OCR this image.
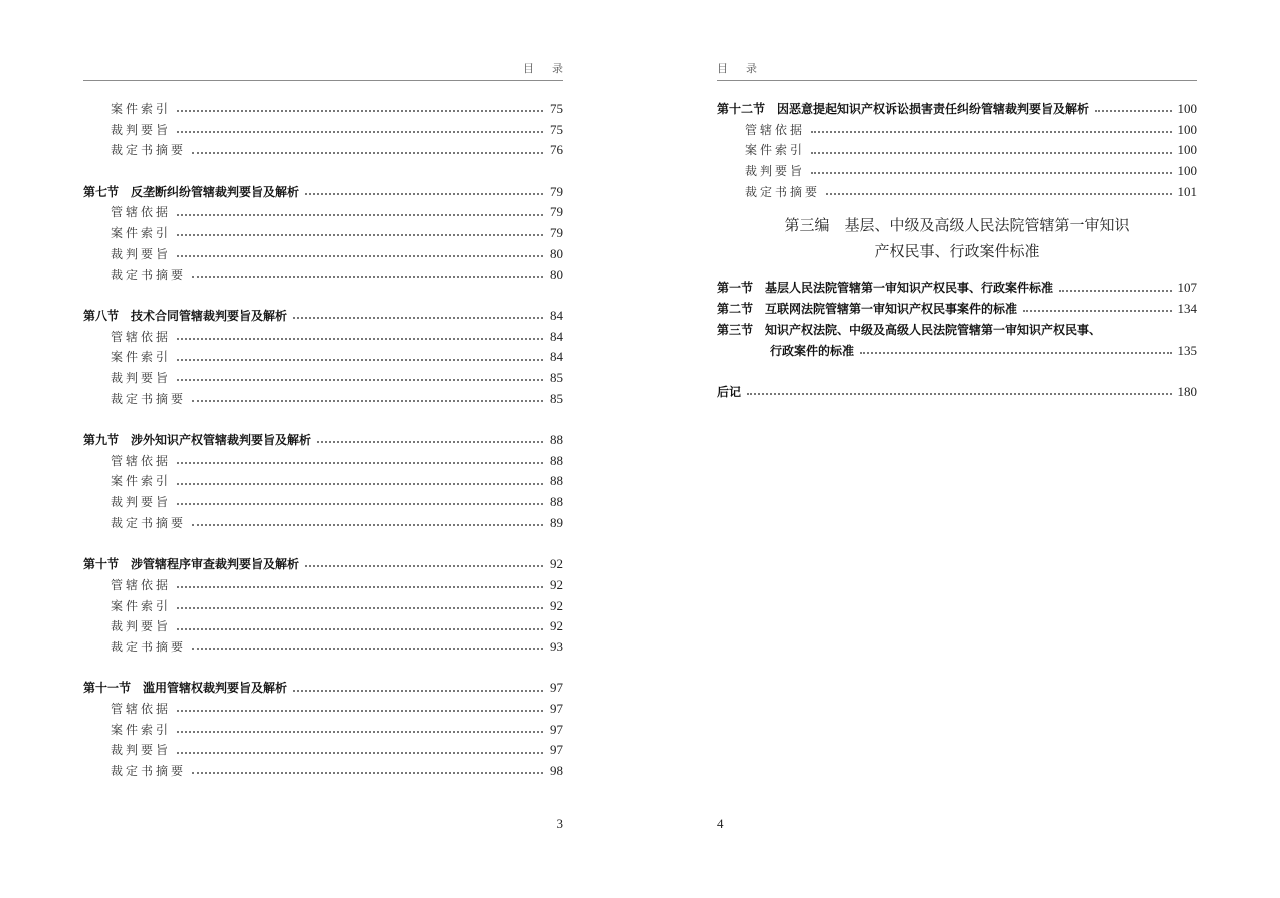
目录
案件索引	75
裁判要旨	75
裁定书摘要	76
第七节 反垄断纠纷管辖裁判要旨及解析	79
管辖依据	79
案件索引	79
裁判要旨	80
裁定书摘要	80
第八节 技术合同管辖裁判要旨及解析	84
管辖依据	84
案件索引	84
裁判要旨	85
裁定书摘要	85
第九节 涉外知识产权管辖裁判要旨及解析	88
管辖依据	88
案件索引	88
裁判要旨	88
裁定书摘要	89
第十节 涉管辖程序审查裁判要旨及解析	92
管辖依据	92
案件索引	92
裁判要旨	92
裁定书摘要	93
第十一节 滥用管辖权裁判要旨及解析	97
管辖依据	97
案件索引	97
裁判要旨	97
裁定书摘要	98
3
目录
第十二节 因恶意提起知识产权诉讼损害责任纠纷管辖裁判要旨及解析	100
管辖依据	100
案件索引	100
裁判要旨	100
裁定书摘要	101
第三编　基层、中级及高级人民法院管辖第一审知识
产权民事、行政案件标准
第一节 基层人民法院管辖第一审知识产权民事、行政案件标准	107
第二节 互联网法院管辖第一审知识产权民事案件的标准	134
第三节 知识产权法院、中级及高级人民法院管辖第一审知识产权民事、
行政案件的标准	135
后记	180
4
